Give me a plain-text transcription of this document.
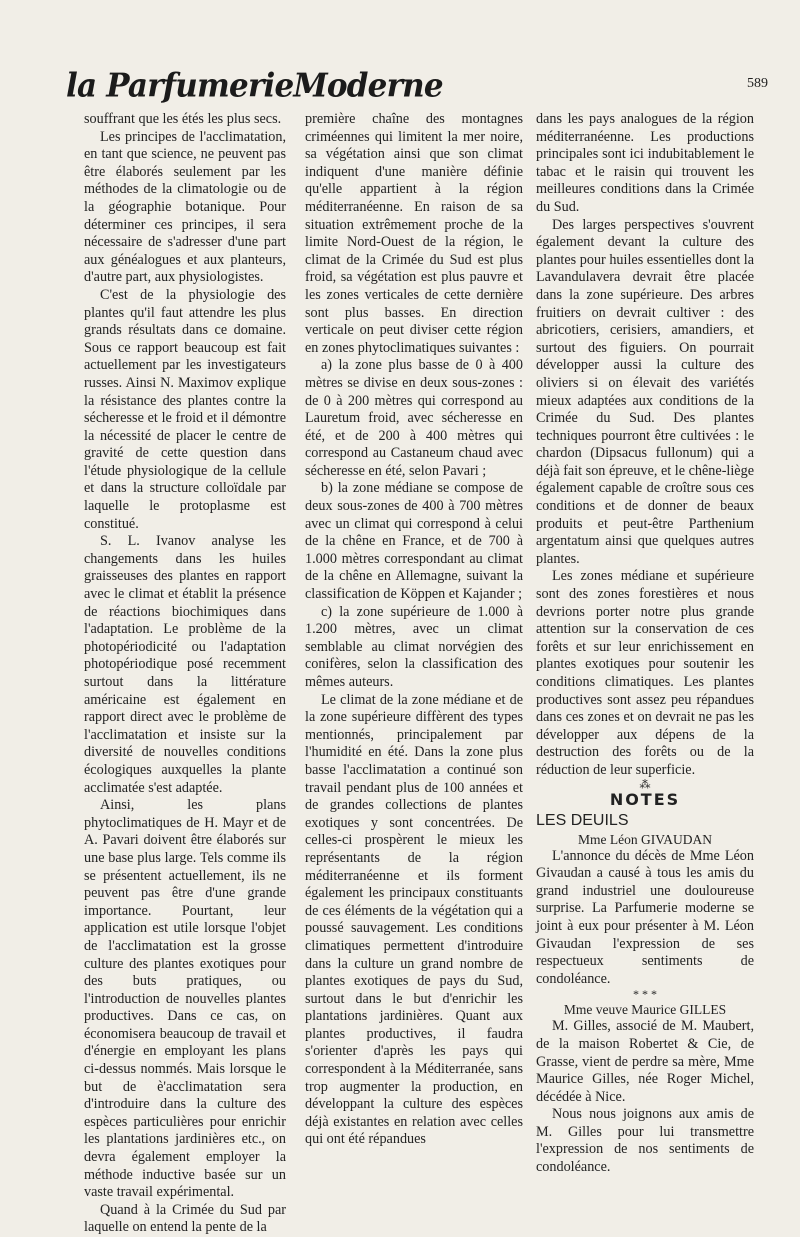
la ParfumerieModerne	589

souffrant que les étés les plus secs.

Les principes de l'acclimatation, en tant que science, ne peuvent pas être élaborés seulement par les méthodes de la climatologie ou de la géographie botanique. Pour déterminer ces principes, il sera nécessaire de s'adresser d'une part aux généalogues et aux planteurs, d'autre part, aux physiologistes.

C'est de la physiologie des plantes qu'il faut attendre les plus grands résultats dans ce domaine. Sous ce rapport beaucoup est fait actuellement par les investigateurs russes. Ainsi N. Maximov explique la résistance des plantes contre la sécheresse et le froid et il démontre la nécessité de placer le centre de gravité de cette question dans l'étude physiologique de la cellule et dans la structure colloïdale par laquelle le protoplasme est constitué.

S. L. Ivanov analyse les changements dans les huiles graisseuses des plantes en rapport avec le climat et établit la présence de réactions biochimiques dans l'adaptation. Le problème de la photopériodicité ou l'adaptation photopériodique posé recemment surtout dans la littérature américaine est également en rapport direct avec le problème de l'acclimatation et insiste sur la diversité de nouvelles conditions écologiques auxquelles la plante acclimatée s'est adaptée.

Ainsi, les plans phytoclimatiques de H. Mayr et de A. Pavari doivent être élaborés sur une base plus large. Tels comme ils se présentent actuellement, ils ne peuvent pas être d'une grande importance. Pourtant, leur application est utile lorsque l'objet de l'acclimatation est la grosse culture des plantes exotiques pour des buts pratiques, ou l'introduction de nouvelles plantes productives. Dans ce cas, on économisera beaucoup de travail et d'énergie en employant les plans ci-dessus nommés. Mais lorsque le but de è'acclimatation sera d'introduire dans la culture des espèces particulières pour enrichir les plantations jardinières etc., on devra également employer la méthode inductive basée sur un vaste travail expérimental.

Quand à la Crimée du Sud par laquelle on entend la pente de la

première chaîne des montagnes criméennes qui limitent la mer noire, sa végétation ainsi que son climat indiquent d'une manière définie qu'elle appartient à la région méditerranéenne. En raison de sa situation extrêmement proche de la limite Nord-Ouest de la région, le climat de la Crimée du Sud est plus froid, sa végétation est plus pauvre et les zones verticales de cette dernière sont plus basses. En direction verticale on peut diviser cette région en zones phytoclimatiques suivantes :

a) la zone plus basse de 0 à 400 mètres se divise en deux sous-zones : de 0 à 200 mètres qui correspond au Lauretum froid, avec sécheresse en été, et de 200 à 400 mètres qui correspond au Castaneum chaud avec sécheresse en été, selon Pavari ;

b) la zone médiane se compose de deux sous-zones de 400 à 700 mètres avec un climat qui correspond à celui de la chêne en France, et de 700 à 1.000 mètres correspondant au climat de la chêne en Allemagne, suivant la classification de Köppen et Kajander ;

c) la zone supérieure de 1.000 à 1.200 mètres, avec un climat semblable au climat norvégien des conifères, selon la classification des mêmes auteurs.

Le climat de la zone médiane et de la zone supérieure diffèrent des types mentionnés, principalement par l'humidité en été. Dans la zone plus basse l'acclimatation a continué son travail pendant plus de 100 années et de grandes collections de plantes exotiques y sont concentrées. De celles-ci prospèrent le mieux les représentants de la région méditerranéenne et ils forment également les principaux constituants de ces éléments de la végétation qui a poussé sauvagement. Les conditions climatiques permettent d'introduire dans la culture un grand nombre de plantes exotiques de pays du Sud, surtout dans le but d'enrichir les plantations jardinières. Quant aux plantes productives, il faudra s'orienter d'après les pays qui correspondent à la Méditerranée, sans trop augmenter la production, en développant la culture des espèces déjà existantes en relation avec celles qui ont été répandues

dans les pays analogues de la région méditerranéenne. Les productions principales sont ici indubitablement le tabac et le raisin qui trouvent les meilleures conditions dans la Crimée du Sud.

Des larges perspectives s'ouvrent également devant la culture des plantes pour huiles essentielles dont la Lavandulavera devrait être placée dans la zone supérieure. Des arbres fruitiers on devrait cultiver : des abricotiers, cerisiers, amandiers, et surtout des figuiers. On pourrait développer aussi la culture des oliviers si on élevait des variétés mieux adaptées aux conditions de la Crimée du Sud. Des plantes techniques pourront être cultivées : le chardon (Dipsacus fullonum) qui a déjà fait son épreuve, et le chêne-liège également capable de croître sous ces conditions et de donner de beaux produits et peut-être Parthenium argentatum ainsi que quelques autres plantes.

Les zones médiane et supérieure sont des zones forestières et nous devrions porter notre plus grande attention sur la conservation de ces forêts et sur leur enrichissement en plantes exotiques pour soutenir les conditions climatiques. Les plantes productives sont assez peu répandues dans ces zones et on devrait ne pas les développer aux dépens de la destruction des forêts ou de la réduction de leur superficie.

⁂
NOTES
LES DEUILS
Mme Léon GIVAUDAN

L'annonce du décès de Mme Léon Givaudan a causé à tous les amis du grand industriel une douloureuse surprise. La Parfumerie moderne se joint à eux pour présenter à M. Léon Givaudan l'expression de ses respectueux sentiments de condoléance.

* * *
Mme veuve Maurice GILLES

M. Gilles, associé de M. Maubert, de la maison Robertet & Cie, de Grasse, vient de perdre sa mère, Mme Maurice Gilles, née Roger Michel, décédée à Nice.

Nous nous joignons aux amis de M. Gilles pour lui transmettre l'expression de nos sentiments de condoléance.
